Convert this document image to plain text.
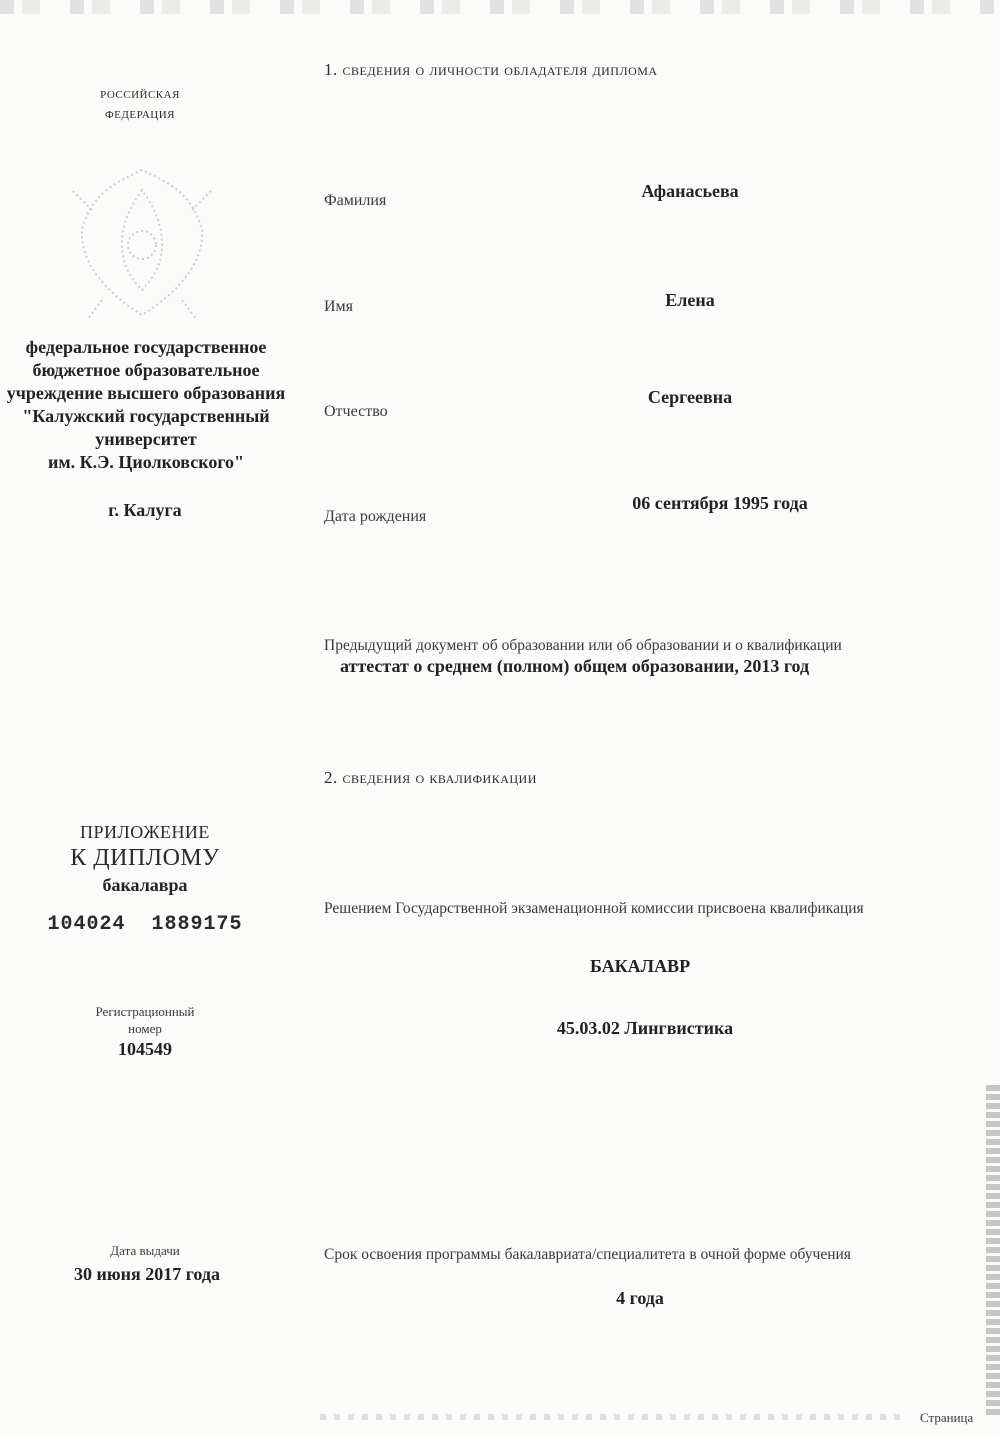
российская
федерация
федеральное государственное
бюджетное образовательное
учреждение высшего образования
"Калужский государственный
университет
им. К.Э. Циолковского"
г. Калуга
ПРИЛОЖЕНИЕ
К ДИПЛОМУ
бакалавра
104024  1889175
Регистрационный
номер
104549
Дата выдачи
30 июня 2017 года
1. сведения о личности обладателя диплома
Фамилия	Афанасьева
Имя	Елена
Отчество
Сергеевна
Дата рождения
06 сентября 1995 года
Предыдущий документ об образовании или об образовании и о квалификации
аттестат о среднем (полном) общем образовании, 2013 год
2. сведения о квалификации
Решением Государственной экзаменационной комиссии присвоена квалификация
БАКАЛАВР
45.03.02 Лингвистика
Срок освоения программы бакалавриата/специалитета в очной форме обучения
4 года
Страница
